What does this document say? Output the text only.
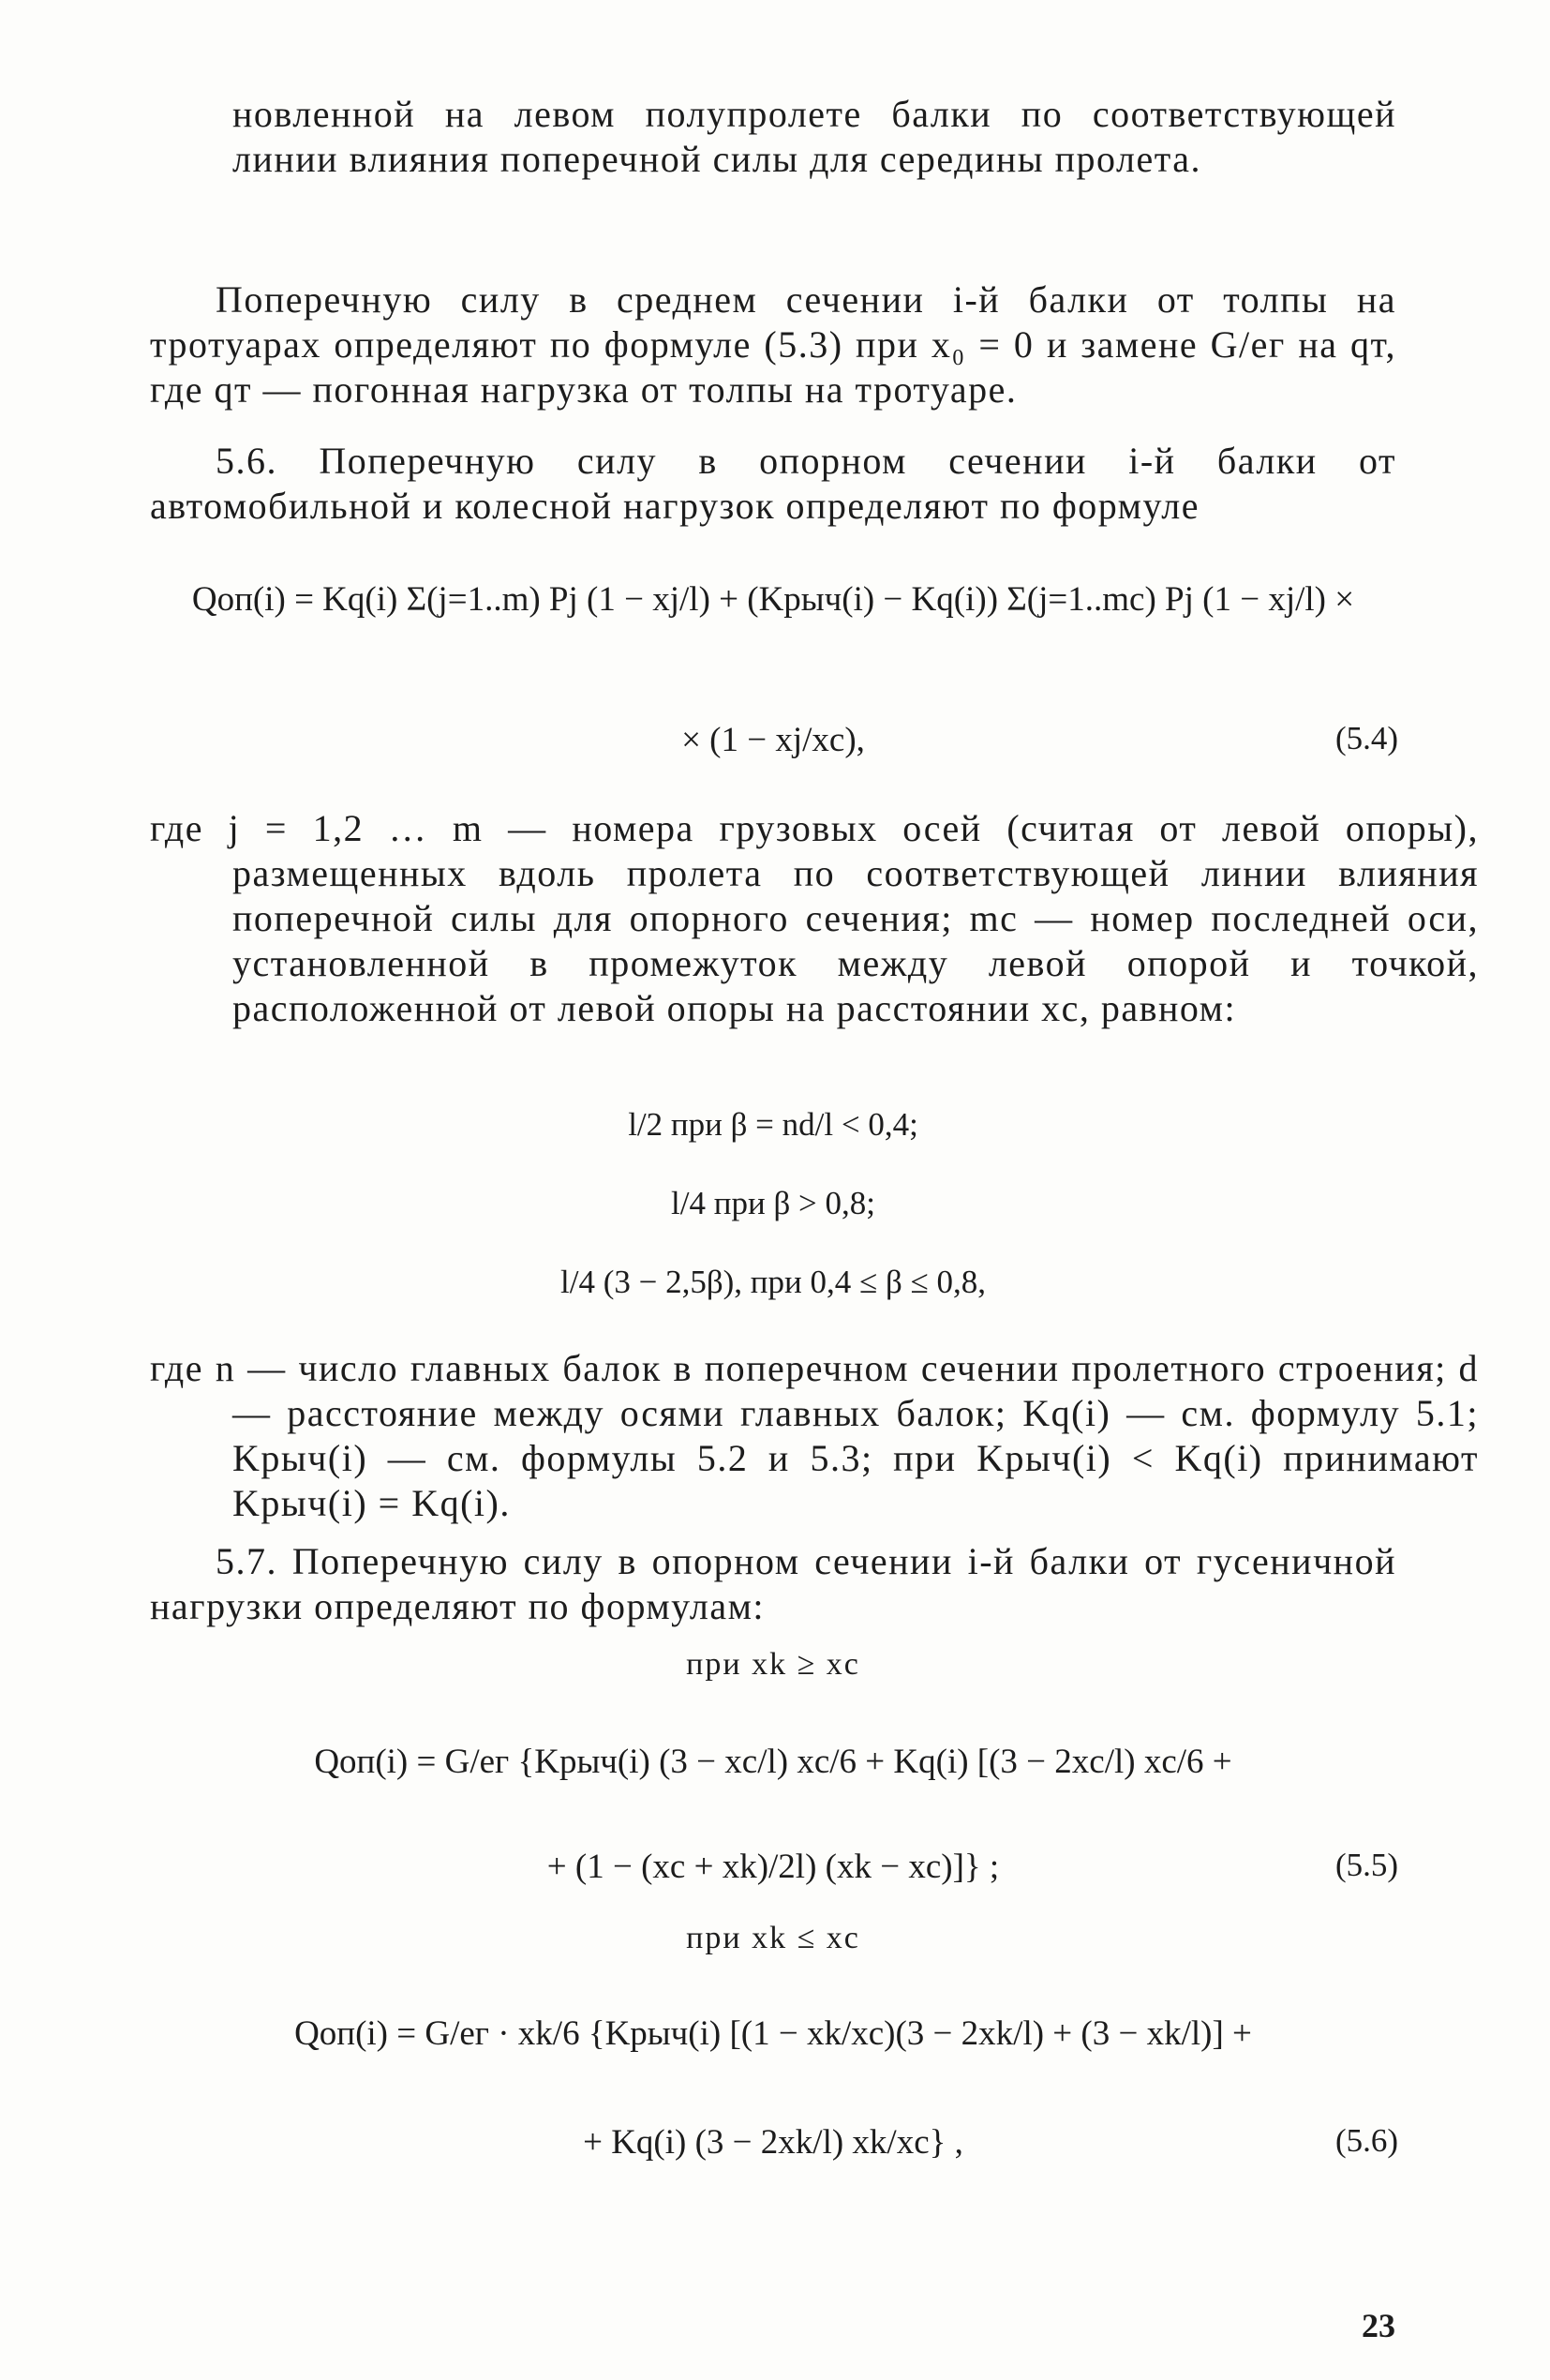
новленной на левом полупролете балки по соответствующей линии влияния поперечной силы для середины пролета.
Поперечную силу в среднем сечении i-й балки от толпы на тротуарах определяют по формуле (5.3) при x₀ = 0 и замене G/eг на qт, где qт — погонная нагрузка от толпы на тротуаре.
5.6. Поперечную силу в опорном сечении i-й балки от автомобильной и колесной нагрузок определяют по формуле
Qоп(i) = Kq(i) Σ(j=1..m) Pj (1 − xj/l) + (Kрыч(i) − Kq(i)) Σ(j=1..mc) Pj (1 − xj/l) ×
× (1 − xj/xc),	(5.4)
где j = 1,2 … m — номера грузовых осей (считая от левой опоры), размещенных вдоль пролета по соответствующей линии влияния поперечной силы для опорного сечения; mc — номер последней оси, установленной в промежуток между левой опорой и точкой, расположенной от левой опоры на расстоянии xc, равном:
l/2 при β = nd/l < 0,4;
l/4 при β > 0,8;
l/4 (3 − 2,5β), при 0,4 ≤ β ≤ 0,8,
где n — число главных балок в поперечном сечении пролетного строения; d — расстояние между осями главных балок; Kq(i) — см. формулу 5.1; Kрыч(i) — см. формулы 5.2 и 5.3; при Kрыч(i) < Kq(i) принимают Kрыч(i) = Kq(i).
5.7. Поперечную силу в опорном сечении i-й балки от гусеничной нагрузки определяют по формулам:
при xk ≥ xc
Qоп(i) = G/eг {Kрыч(i) (3 − xc/l) xc/6 + Kq(i) [(3 − 2xc/l) xc/6 +
+ (1 − (xc + xk)/2l) (xk − xc)]} ;	(5.5)
при xk ≤ xc
Qоп(i) = G/eг · xk/6 {Kрыч(i) [(1 − xk/xc)(3 − 2xk/l) + (3 − xk/l)] +
+ Kq(i) (3 − 2xk/l) xk/xc} ,	(5.6)
23
